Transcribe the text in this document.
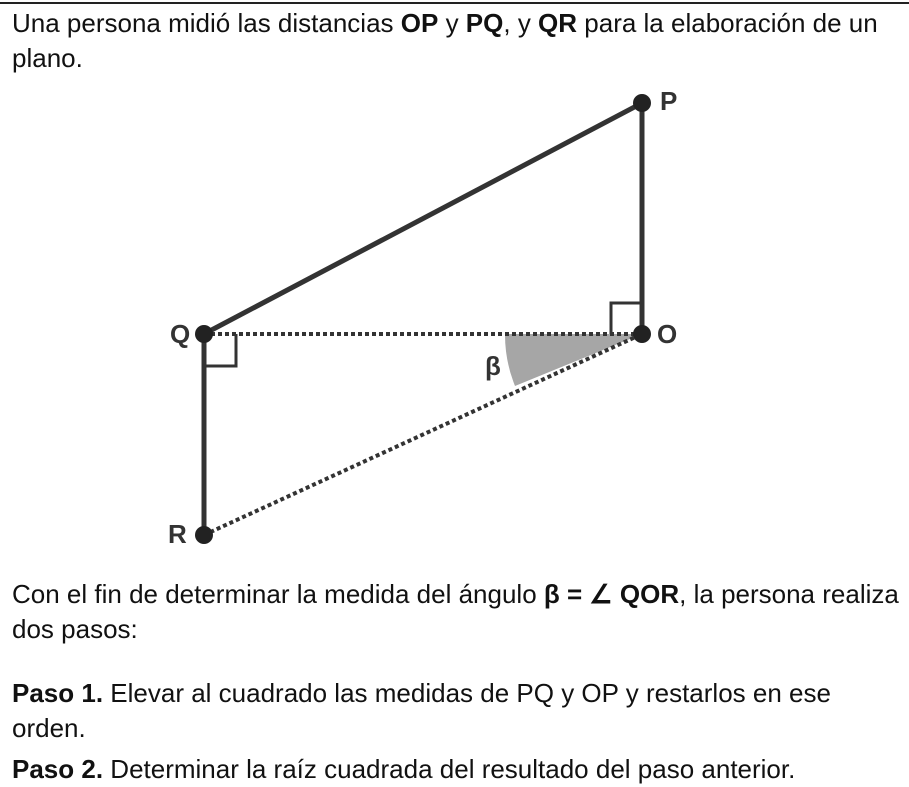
Una persona midió las distancias OP y PQ, y QR para la elaboración de un plano.

P
Q	O
R
β

Con el fin de determinar la medida del ángulo β = ∠ QOR, la persona realiza dos pasos:

Paso 1. Elevar al cuadrado las medidas de PQ y OP y restarlos en ese orden.

Paso 2. Determinar la raíz cuadrada del resultado del paso anterior.
